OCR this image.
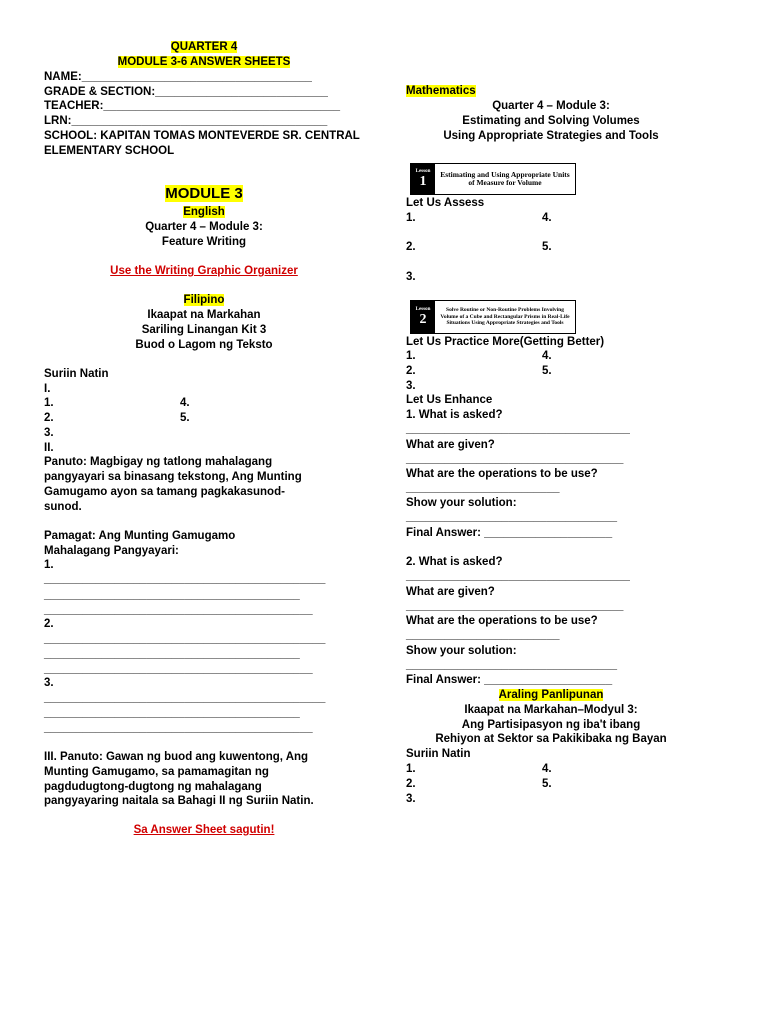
QUARTER 4
MODULE 3-6 ANSWER SHEETS
NAME:____________________________________
GRADE & SECTION:___________________________
TEACHER:_____________________________________
LRN:________________________________________
SCHOOL: KAPITAN TOMAS MONTEVERDE SR. CENTRAL
ELEMENTARY SCHOOL
MODULE 3
English
Quarter 4 – Module 3:
Feature Writing
Use the Writing Graphic Organizer
Filipino
Ikaapat na Markahan
Sariling Linangan Kit 3
Buod o Lagom ng Teksto
Suriin Natin
I.
1.	4.
2.	5.
3.
II.
Panuto: Magbigay ng tatlong mahalagang
pangyayari sa binasang tekstong, Ang Munting
Gamugamo ayon sa tamang pagkakasunod-
sunod.
Pamagat: Ang Munting Gamugamo
Mahalagang Pangyayari:
1.
____________________________________________
________________________________________
__________________________________________
2.
____________________________________________
________________________________________
__________________________________________
3.
____________________________________________
________________________________________
__________________________________________
III. Panuto: Gawan ng buod ang kuwentong, Ang
Munting Gamugamo, sa pamamagitan ng
pagdudugtong-dugtong ng mahalagang
pangyayaring naitala sa Bahagi II ng Suriin Natin.
Sa Answer Sheet sagutin!
Mathematics
Quarter 4 – Module 3:
Estimating and Solving Volumes
Using Appropriate Strategies and Tools
Lesson
1	Estimating and Using Appropriate Units of Measure for Volume
Let Us Assess
1.	4.
2.	5.
3.
Lesson
2
Solve Routine or Non-Routine Problems Involving Volume of a Cube and Rectangular Prisms in Real-Life Situations Using Appropriate Strategies and Tools
Let Us Practice More(Getting Better)
1.	4.
2.	5.
3.
Let Us Enhance
1. What is asked?
___________________________________
What are given?
__________________________________
What are the operations to be use?
________________________
Show your solution:
_________________________________
Final Answer: ____________________
2. What is asked?
___________________________________
What are given?
__________________________________
What are the operations to be use?
________________________
Show your solution:
_________________________________
Final Answer: ____________________
Araling Panlipunan
Ikaapat na Markahan–Modyul 3:
Ang Partisipasyon ng iba't ibang
Rehiyon at Sektor sa Pakikibaka ng Bayan
Suriin Natin
1.	4.
2.	5.
3.
